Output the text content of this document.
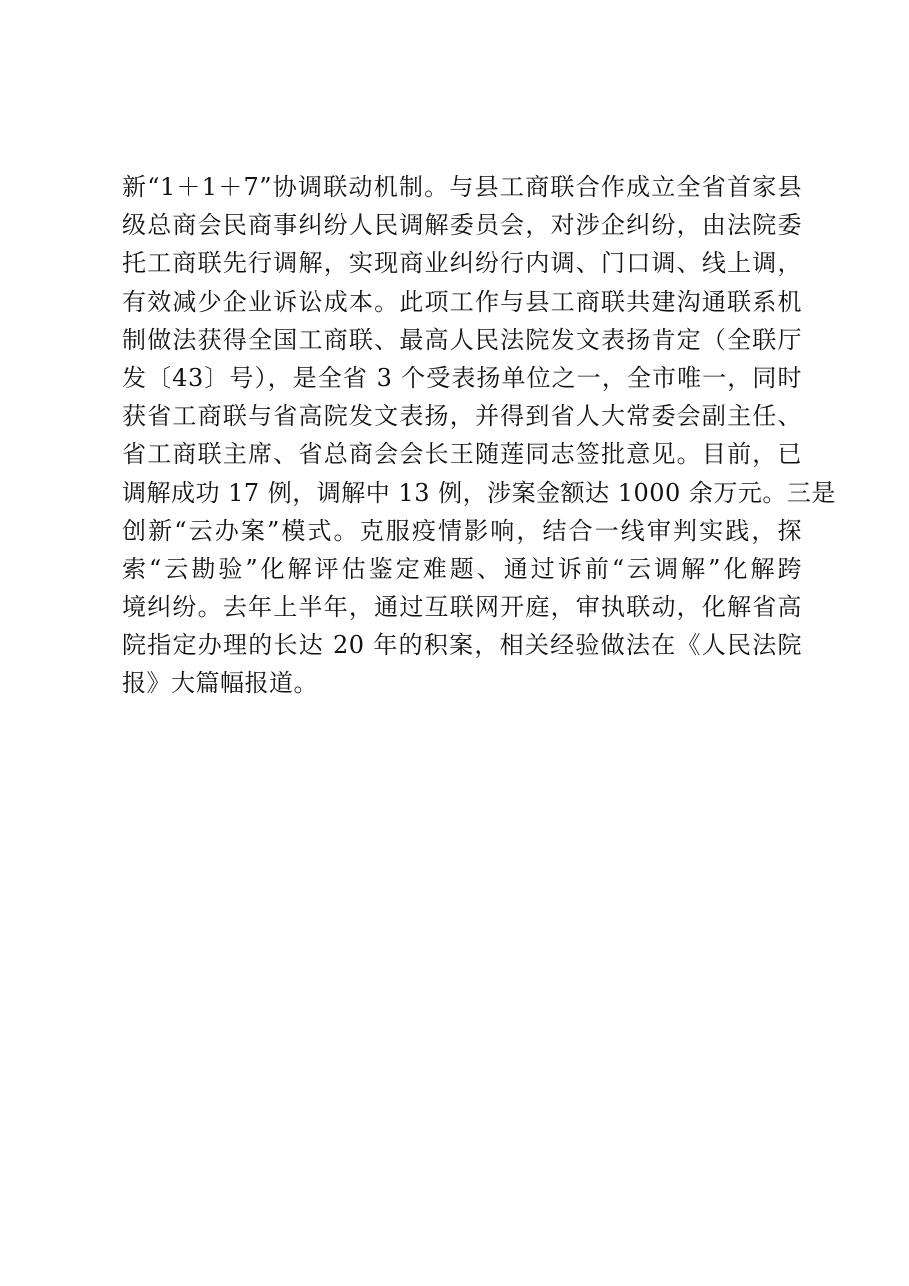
新“1＋1＋7”协调联动机制。与县工商联合作成立全省首家县
级总商会民商事纠纷人民调解委员会，对涉企纠纷，由法院委
托工商联先行调解，实现商业纠纷行内调、门口调、线上调，
有效减少企业诉讼成本。此项工作与县工商联共建沟通联系机
制做法获得全国工商联、最高人民法院发文表扬肯定（全联厅
发〔43〕号），是全省 3 个受表扬单位之一，全市唯一，同时
获省工商联与省高院发文表扬，并得到省人大常委会副主任、
省工商联主席、省总商会会长王随莲同志签批意见。目前，已
调解成功 17 例，调解中 13 例，涉案金额达 1000 余万元。三是
创新“云办案”模式。克服疫情影响，结合一线审判实践，探
索“云勘验”化解评估鉴定难题、通过诉前“云调解”化解跨
境纠纷。去年上半年，通过互联网开庭，审执联动，化解省高
院指定办理的长达 20 年的积案，相关经验做法在《人民法院
报》大篇幅报道。
